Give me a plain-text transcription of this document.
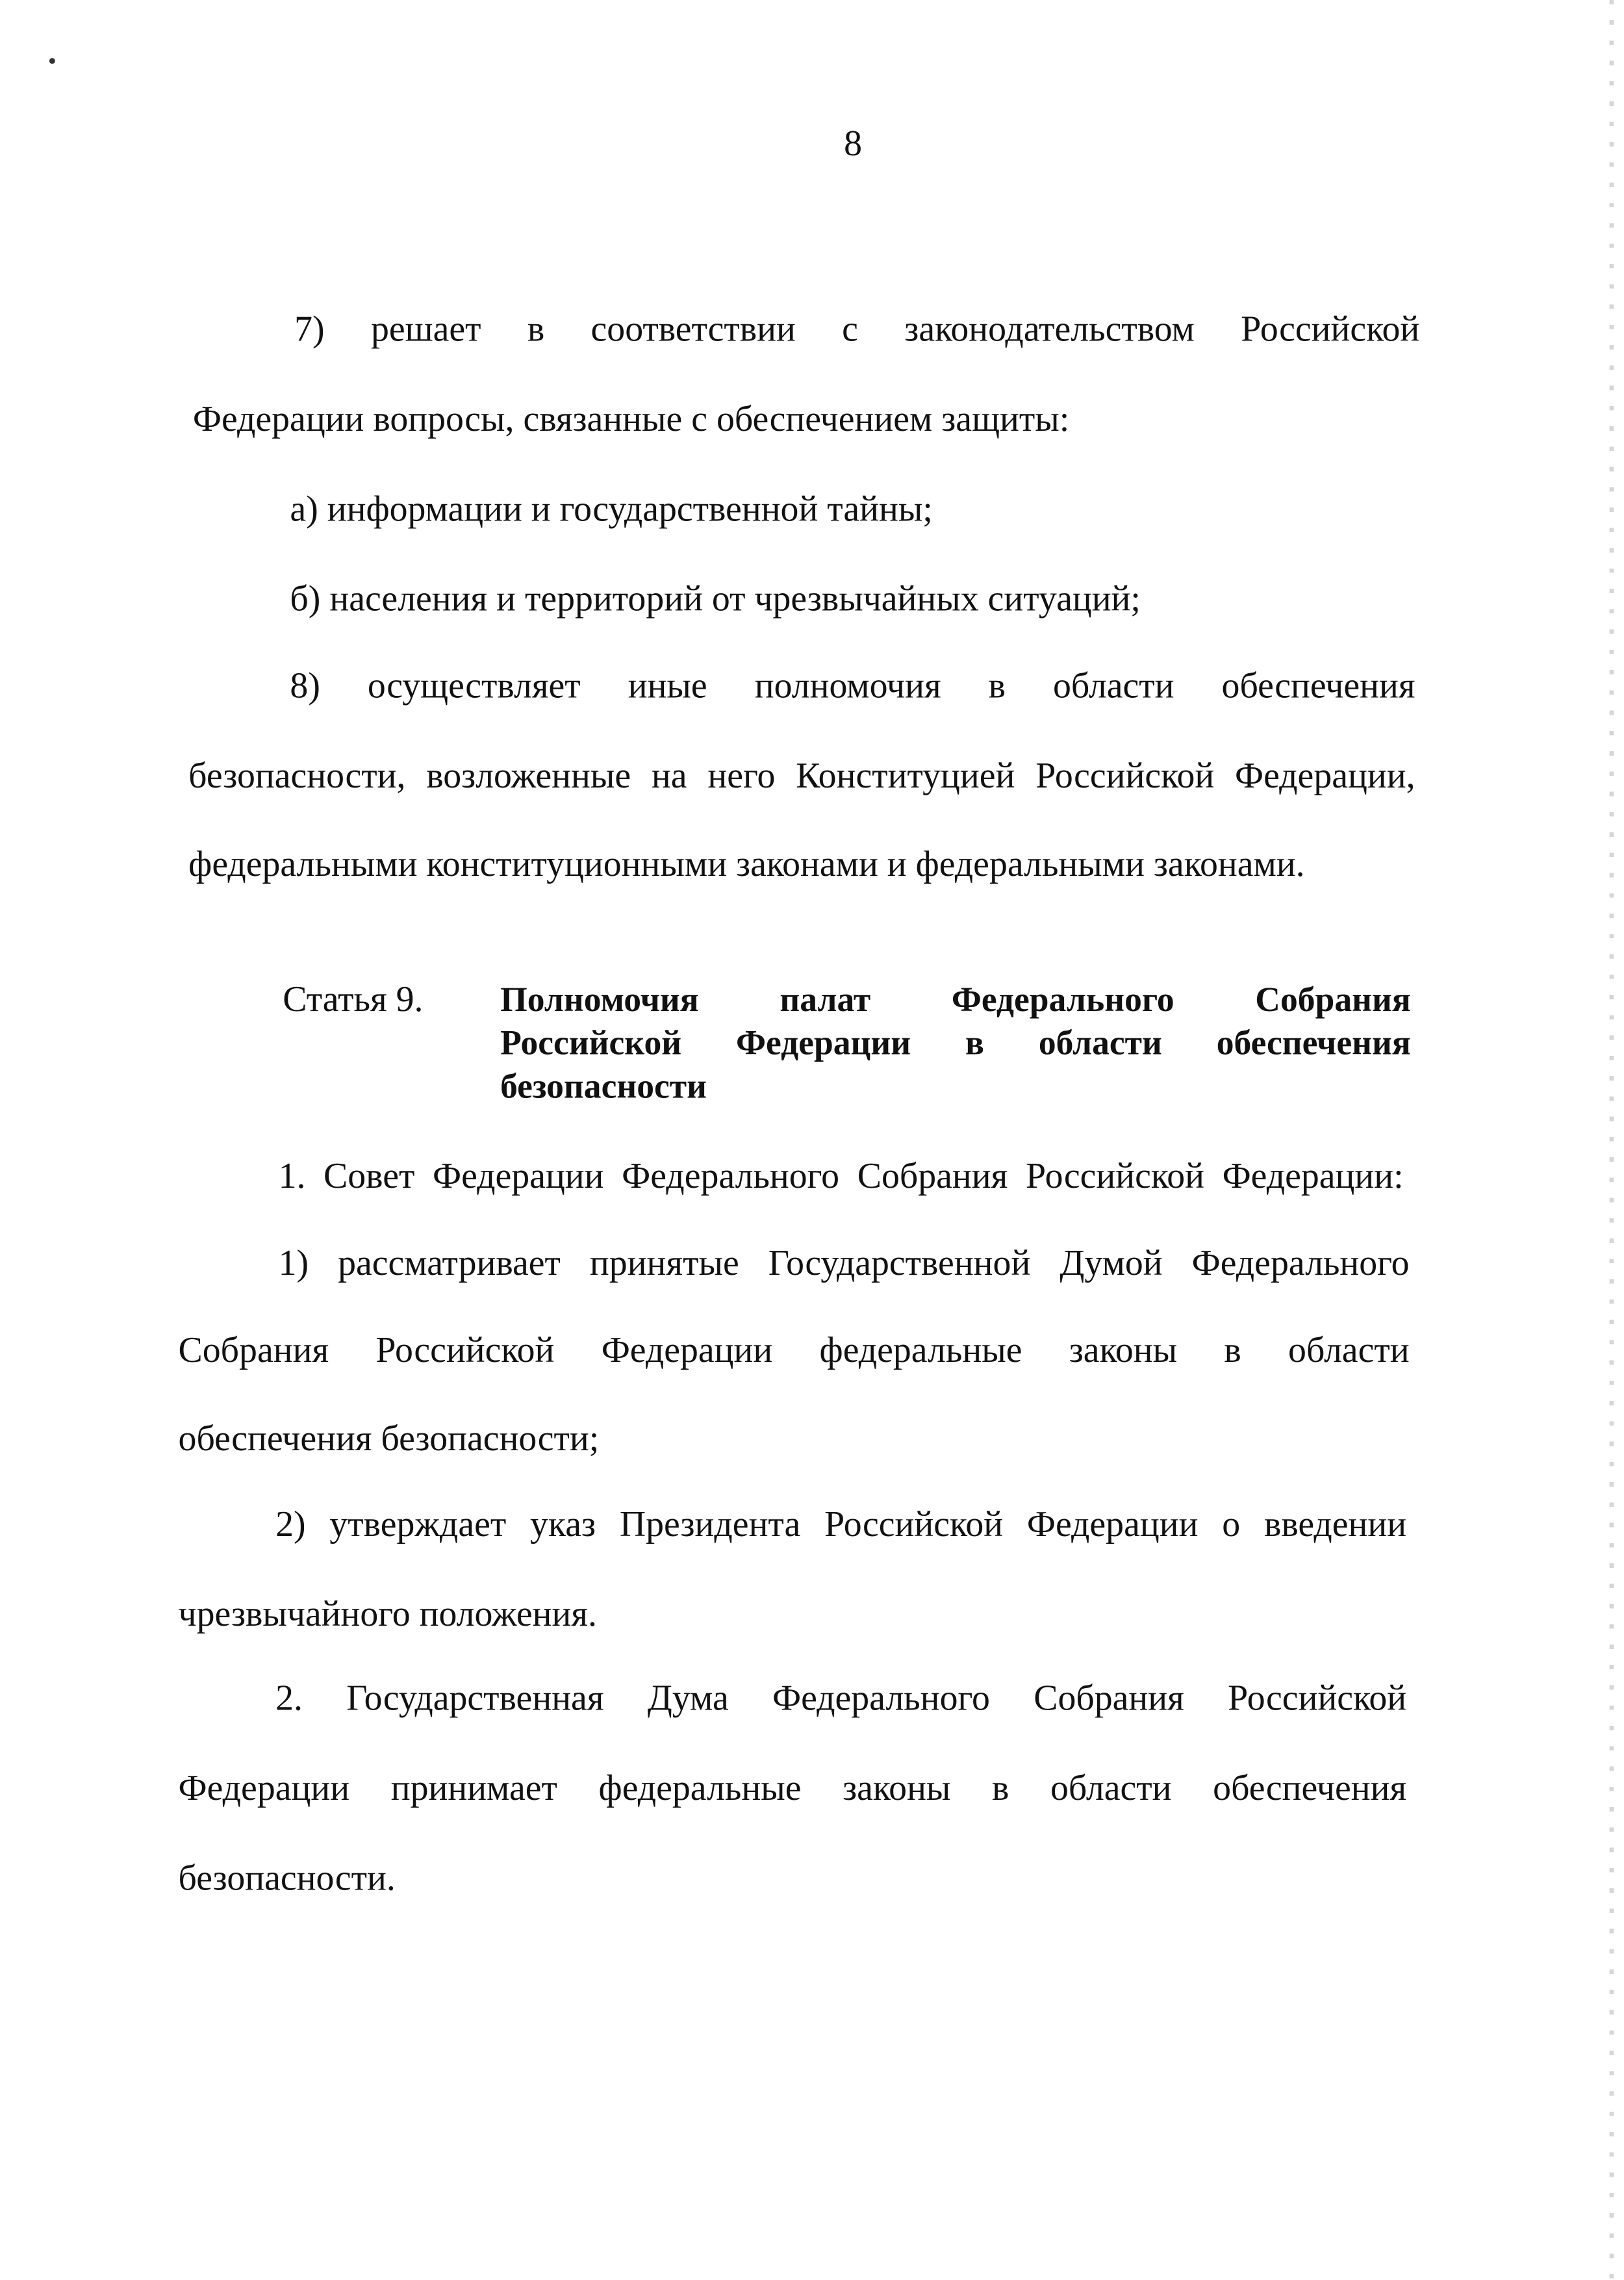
8
7) решает в соответствии с законодательством Российской
Федерации вопросы, связанные с обеспечением защиты:
а) информации и государственной тайны;
б) населения и территорий от чрезвычайных ситуаций;
8) осуществляет иные полномочия в области обеспечения
безопасности, возложенные на него Конституцией Российской Федерации,
федеральными конституционными законами и федеральными законами.
Статья 9.	Полномочия палат Федерального Собрания
Российской Федерации в области обеспечения
безопасности
1. Совет Федерации Федерального Собрания Российской Федерации:
1) рассматривает принятые Государственной Думой Федерального
Собрания Российской Федерации федеральные законы в области
обеспечения безопасности;
2) утверждает указ Президента Российской Федерации о введении
чрезвычайного положения.
2. Государственная Дума Федерального Собрания Российской
Федерации принимает федеральные законы в области обеспечения
безопасности.
